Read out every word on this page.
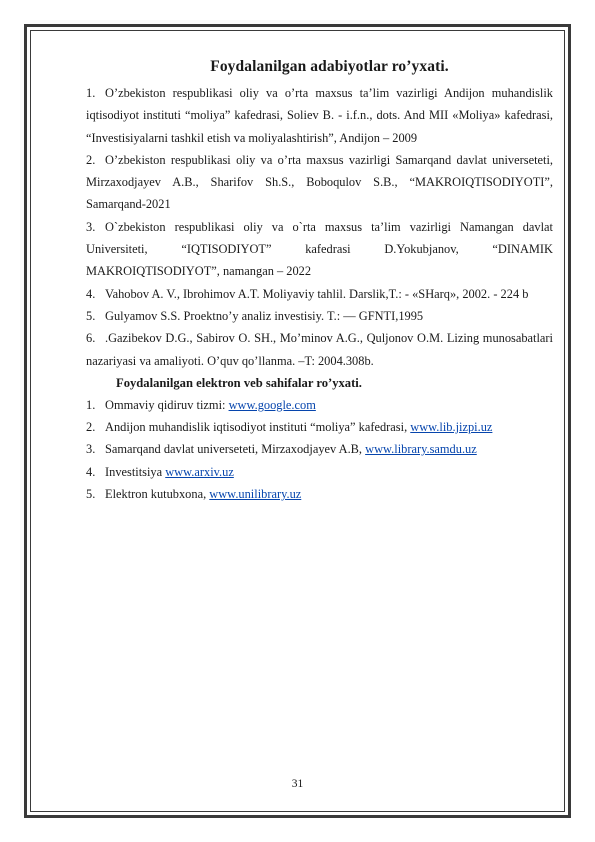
Foydalanilgan adabiyotlar ro’yxati.

1. O’zbekiston respublikasi oliy va o’rta maxsus ta’lim vazirligi Andijon muhandislik iqtisodiyot instituti “moliya” kafedrasi, Soliev B. - i.f.n., dots. And MII «Moliya» kafedrasi, “Investisiyalarni tashkil etish va moliyalashtirish”, Andijon – 2009

2. O’zbekiston respublikasi oliy va o’rta maxsus vazirligi Samarqand davlat universeteti, Mirzaxodjayev A.B., Sharifov Sh.S., Boboqulov S.B., “MAKROIQTISODIYOTI”, Samarqand-2021

3. O`zbekiston respublikasi oliy va o`rta maxsus ta’lim vazirligi Namangan davlat Universiteti, “IQTISODIYOT” kafedrasi D.Yokubjanov, “DINAMIK MAKROIQTISODIYOT”, namangan – 2022

4. Vahobov A. V., Ibrohimov A.T. Moliyaviy tahlil. Darslik,T.: - «SHarq», 2002. - 224 b

5. Gulyamov S.S. Proektno’y analiz investisiy. T.: — GFNTI,1995

6. .Gazibekov D.G., Sabirov O. SH., Mo’minov A.G., Quljonov O.M. Lizing munosabatlari nazariyasi va amaliyoti. O’quv qo’llanma. –T: 2004.308b.

Foydalanilgan elektron veb sahifalar ro’yxati.

1. Ommaviy qidiruv tizmi: www.google.com

2. Andijon muhandislik iqtisodiyot instituti “moliya” kafedrasi, www.lib.jizpi.uz

3. Samarqand davlat universeteti, Mirzaxodjayev A.B, www.library.samdu.uz

4. Investitsiya www.arxiv.uz

5. Elektron kutubxona, www.unilibrary.uz

31
